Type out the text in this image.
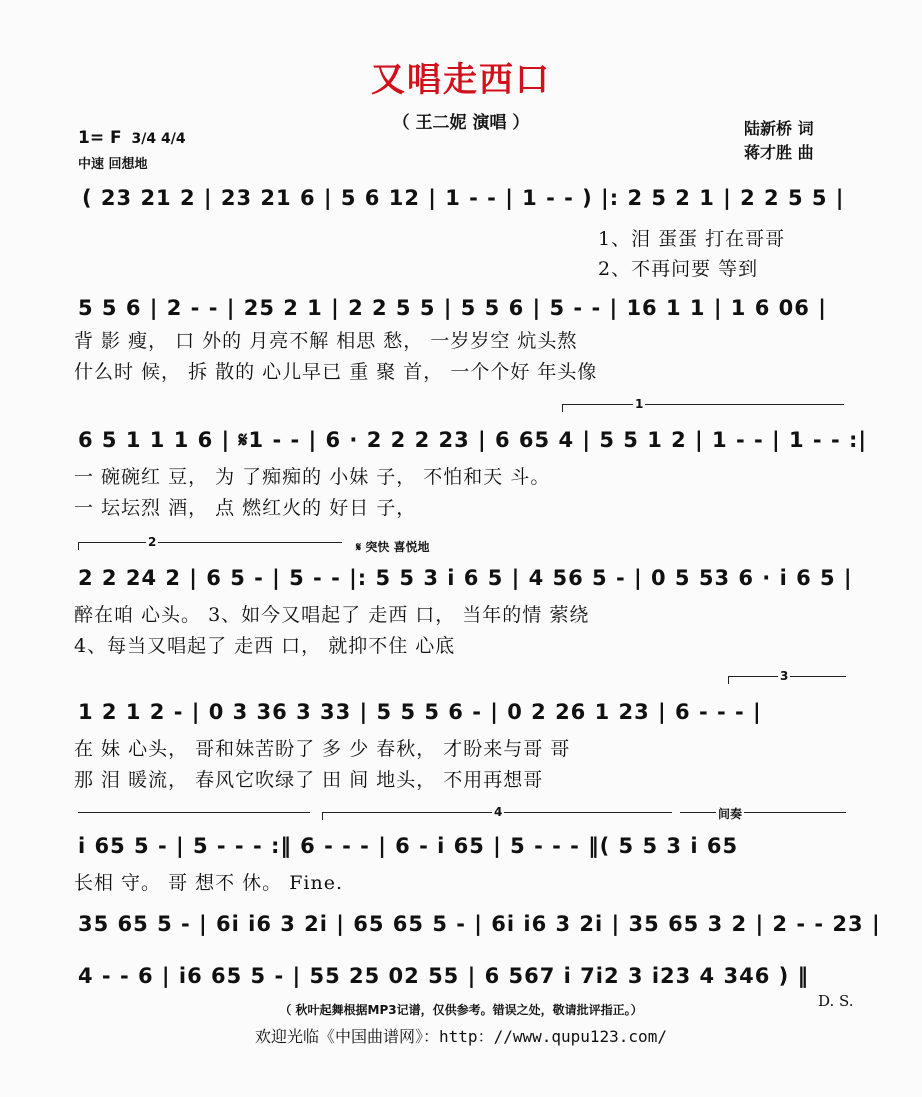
又唱走西口
（ 王二妮 演唱 ）	陆新桥 词
蒋才胜 曲
1= F 3/4 4/4
中速 回想地
( 23 21 2 | 23 21 6 | 5 6 12 | 1 - - | 1 - - ) |: 2 5 2 1 | 2 2 5 5 |
1、泪 蛋蛋 打在哥哥
2、不再问要 等到
5 5 6 | 2 - - | 25 2 1 | 2 2 5 5 | 5 5 6 | 5 - - | 16 1 1 | 1 6 06 |
背 影 瘦， 口 外的 月亮不解 相思 愁， 一岁岁空 炕头熬
什么时 候， 拆 散的 心儿早已 重 聚 首， 一个个好 年头像
1
6 5 1 1 1 6 | 𝄋1 - - | 6 · 2 2 2 23 | 6 65 4 | 5 5 1 2 | 1 - - | 1 - - :|
一 碗碗红 豆， 为 了痴痴的 小妹 子， 不怕和天 斗。
一 坛坛烈 酒， 点 燃红火的 好日 子，
2	𝄋 突快 喜悦地
2 2 24 2 | 6 5 - | 5 - - |: 5 5 3 i 6 5 | 4 56 5 - | 0 5 53 6 · i 6 5 |
醉在咱 心头。 3、如今又唱起了 走西 口， 当年的情 萦绕
4、每当又唱起了 走西 口， 就抑不住 心底
3
1 2 1 2 - | 0 3 36 3 33 | 5 5 5 6 - | 0 2 26 1 23 | 6 - - - |
在 妹 心头， 哥和妹苦盼了 多 少 春秋， 才盼来与哥 哥
那 泪 暖流， 春风它吹绿了 田 间 地头， 不用再想哥
4	间奏
i 65 5 - | 5 - - - :‖ 6 - - - | 6 - i 65 | 5 - - - ‖( 5 5 3 i 65
长相 守。 哥 想不 休。 Fine.
35 65 5 - | 6i i6 3 2i | 65 65 5 - | 6i i6 3 2i | 35 65 3 2 | 2 - - 23 |
4 - - 6 | i6 65 5 - | 55 25 02 55 | 6 567 i 7i2 3 i23 4 346 ) ‖
D. S.
（ 秋叶起舞根据MP3记谱，仅供参考。错误之处，敬请批评指正。）
欢迎光临《中国曲谱网》：http：//www.qupu123.com/
